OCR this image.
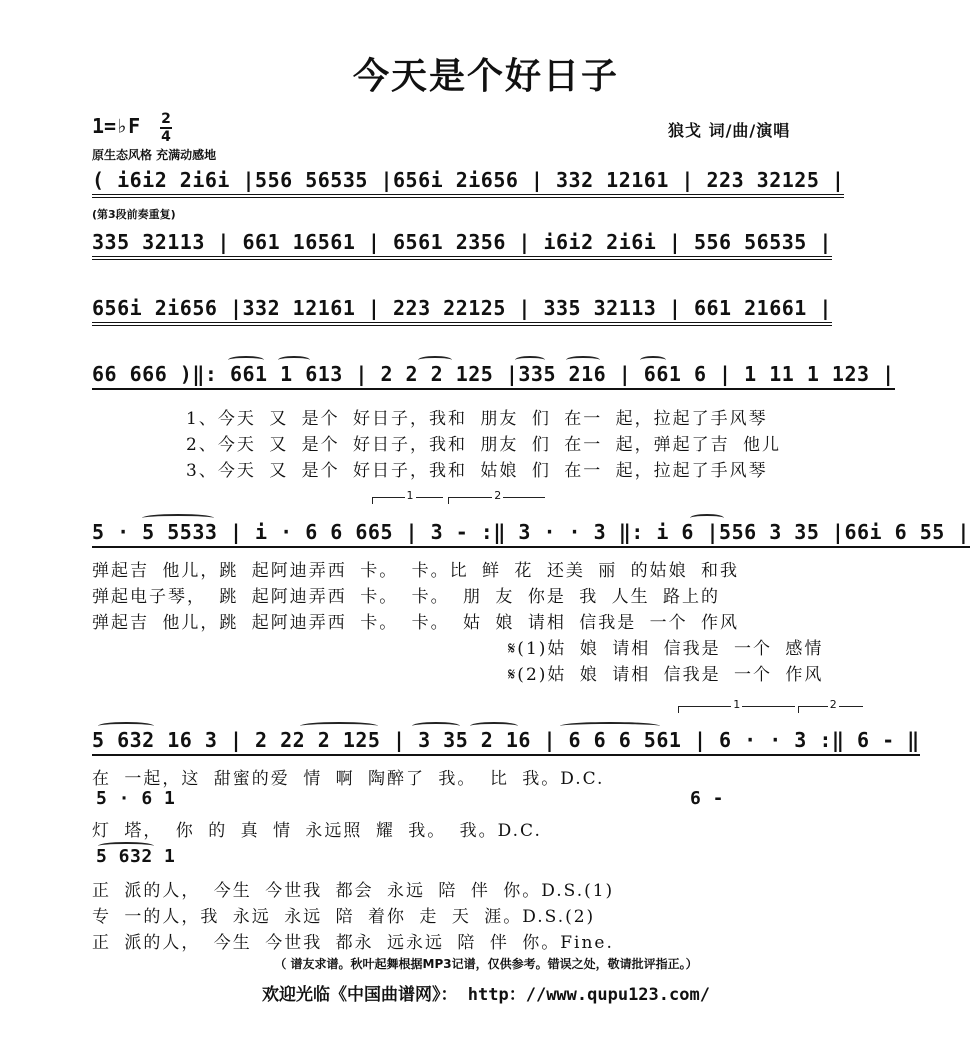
今天是个好日子
1=♭F 2
4	狼戈 词/曲/演唱
原生态风格 充满动感地
( i6i2 2i6i |556 56535 |656i 2i656 | 332 12161 | 223 32125 |
(第3段前奏重复)
335 32113 | 661 16561 | 6561 2356 | i6i2 2i6i | 556 56535 |
656i 2i656 |332 12161 | 223 22125 | 335 32113 | 661 21661 |
66 666 )‖: 661 1 613 | 2 2 2 125 |335 216 | 661 6 | 1 11 1 123 |
1、今天 又 是个 好日子，我和 朋友 们 在一 起，拉起了手风琴
2、今天 又 是个 好日子，我和 朋友 们 在一 起，弹起了吉 他儿
3、今天 又 是个 好日子，我和 姑娘 们 在一 起，拉起了手风琴
1	2
5 · 5 5533 | i · 6 6 665 | 3 - :‖ 3 · · 3 ‖: i 6 |556 3 35 |66i 6 55 |
弹起吉 他儿，跳 起阿迪弄西 卡。 卡。比 鲜 花 还美 丽 的姑娘 和我
弹起电子琴， 跳 起阿迪弄西 卡。 卡。 朋 友 你是 我 人生 路上的
弹起吉 他儿，跳 起阿迪弄西 卡。 卡。 姑 娘 请相 信我是 一个 作风
𝄋(1)姑 娘 请相 信我是 一个 感情
𝄋(2)姑 娘 请相 信我是 一个 作风
1	2
5 632 16 3 | 2 22 2 125 | 3 35 2 16 | 6 6 6 561 | 6 · · 3 :‖ 6 - ‖
在 一起，这 甜蜜的爱 情 啊 陶醉了 我。 比 我。D.C.
5 · 6 1	6 -
灯 塔， 你 的 真 情 永远照 耀 我。 我。D.C.
5 632 1
正 派的人， 今生 今世我 都会 永远 陪 伴 你。D.S.(1)
专 一的人，我 永远 永远 陪 着你 走 天 涯。D.S.(2)
正 派的人， 今生 今世我 都永 远永远 陪 伴 你。Fine.
（ 谱友求谱。秋叶起舞根据MP3记谱，仅供参考。错误之处，敬请批评指正。）
欢迎光临《中国曲谱网》： http：//www.qupu123.com/
